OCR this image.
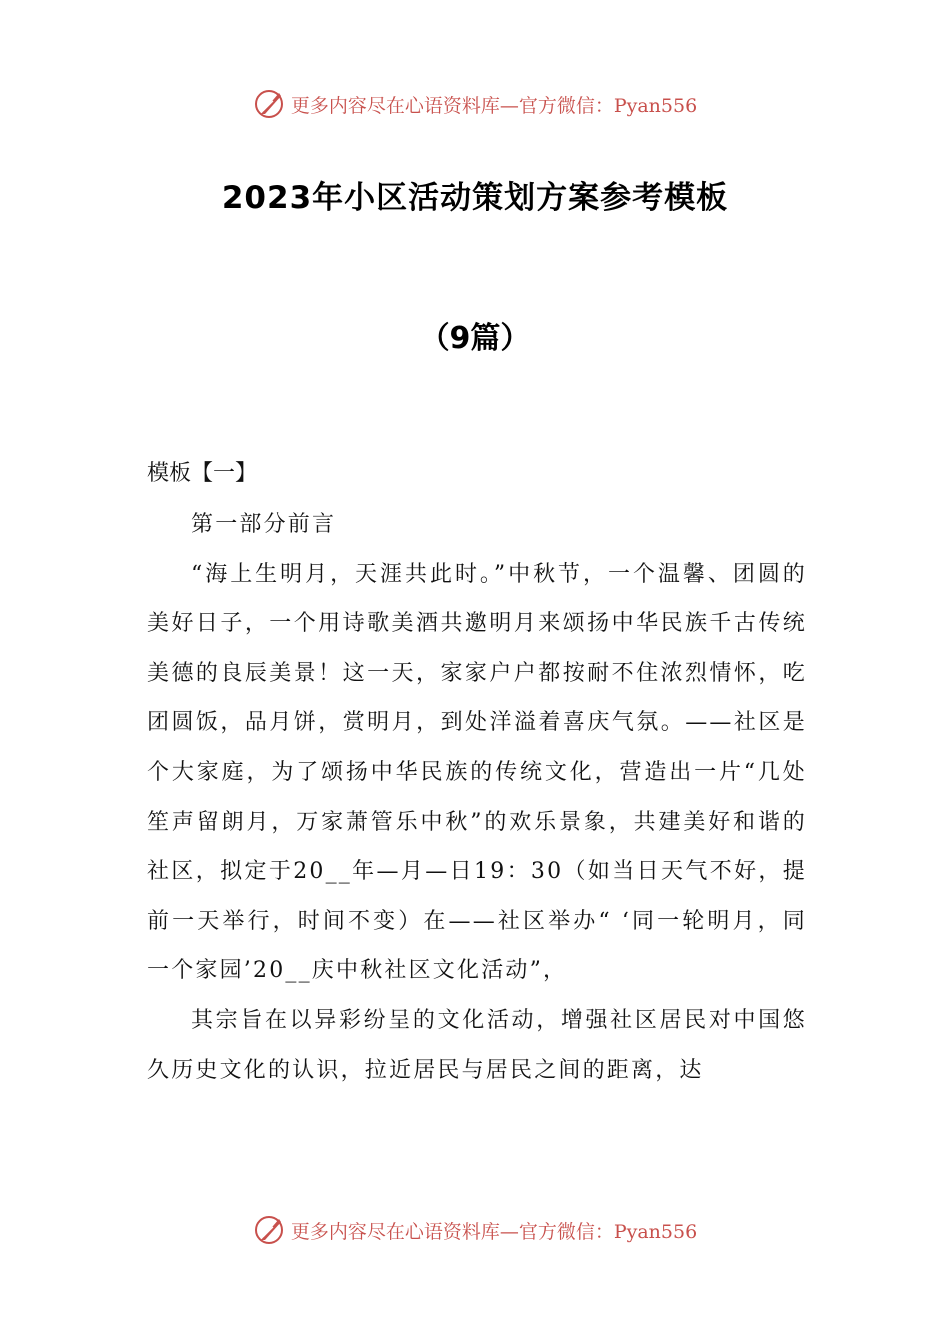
更多内容尽在心语资料库—官方微信：Pyan556
2023年小区活动策划方案参考模板
（9篇）
模板【一】

第一部分前言

“海上生明月，天涯共此时。”中秋节，一个温馨、团圆的美好日子，一个用诗歌美酒共邀明月来颂扬中华民族千古传统美德的良辰美景！这一天，家家户户都按耐不住浓烈情怀，吃团圆饭，品月饼，赏明月，到处洋溢着喜庆气氛。——社区是个大家庭，为了颂扬中华民族的传统文化，营造出一片“几处笙声留朗月，万家萧管乐中秋”的欢乐景象，共建美好和谐的社区，拟定于20__年—月—日19：30（如当日天气不好，提前一天举行，时间不变）在——社区举办“ ‘同一轮明月，同一个家园’20__庆中秋社区文化活动”，

其宗旨在以异彩纷呈的文化活动，增强社区居民对中国悠久历史文化的认识，拉近居民与居民之间的距离，达

更多内容尽在心语资料库—官方微信：Pyan556
